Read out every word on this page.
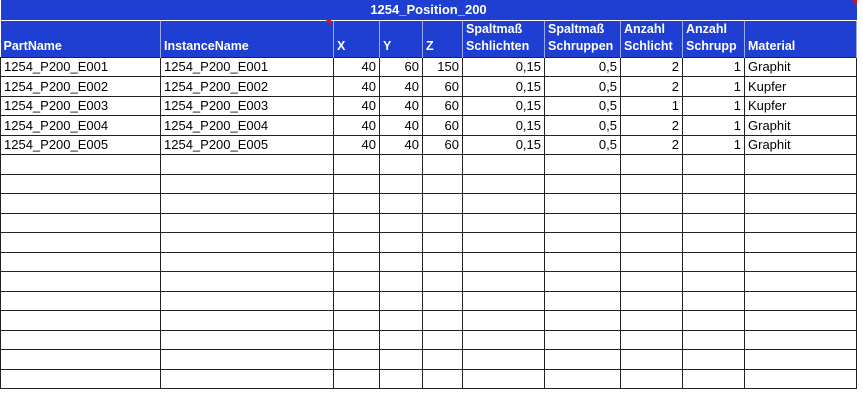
1254_Position_200									
PartName	InstanceName	X	Y	Z	Spaltmaß Schlichten	Spaltmaß Schruppen	Anzahl Schlicht	Anzahl Schrupp	Material
1254_P200_E001	1254_P200_E001	40	60	150	0,15	0,5	2	1	Graphit
1254_P200_E002	1254_P200_E002	40	40	60	0,15	0,5	2	1	Kupfer
1254_P200_E003	1254_P200_E003	40	40	60	0,15	0,5	1	1	Kupfer
1254_P200_E004	1254_P200_E004	40	40	60	0,15	0,5	2	1	Graphit
1254_P200_E005	1254_P200_E005	40	40	60	0,15	0,5	2	1	Graphit
